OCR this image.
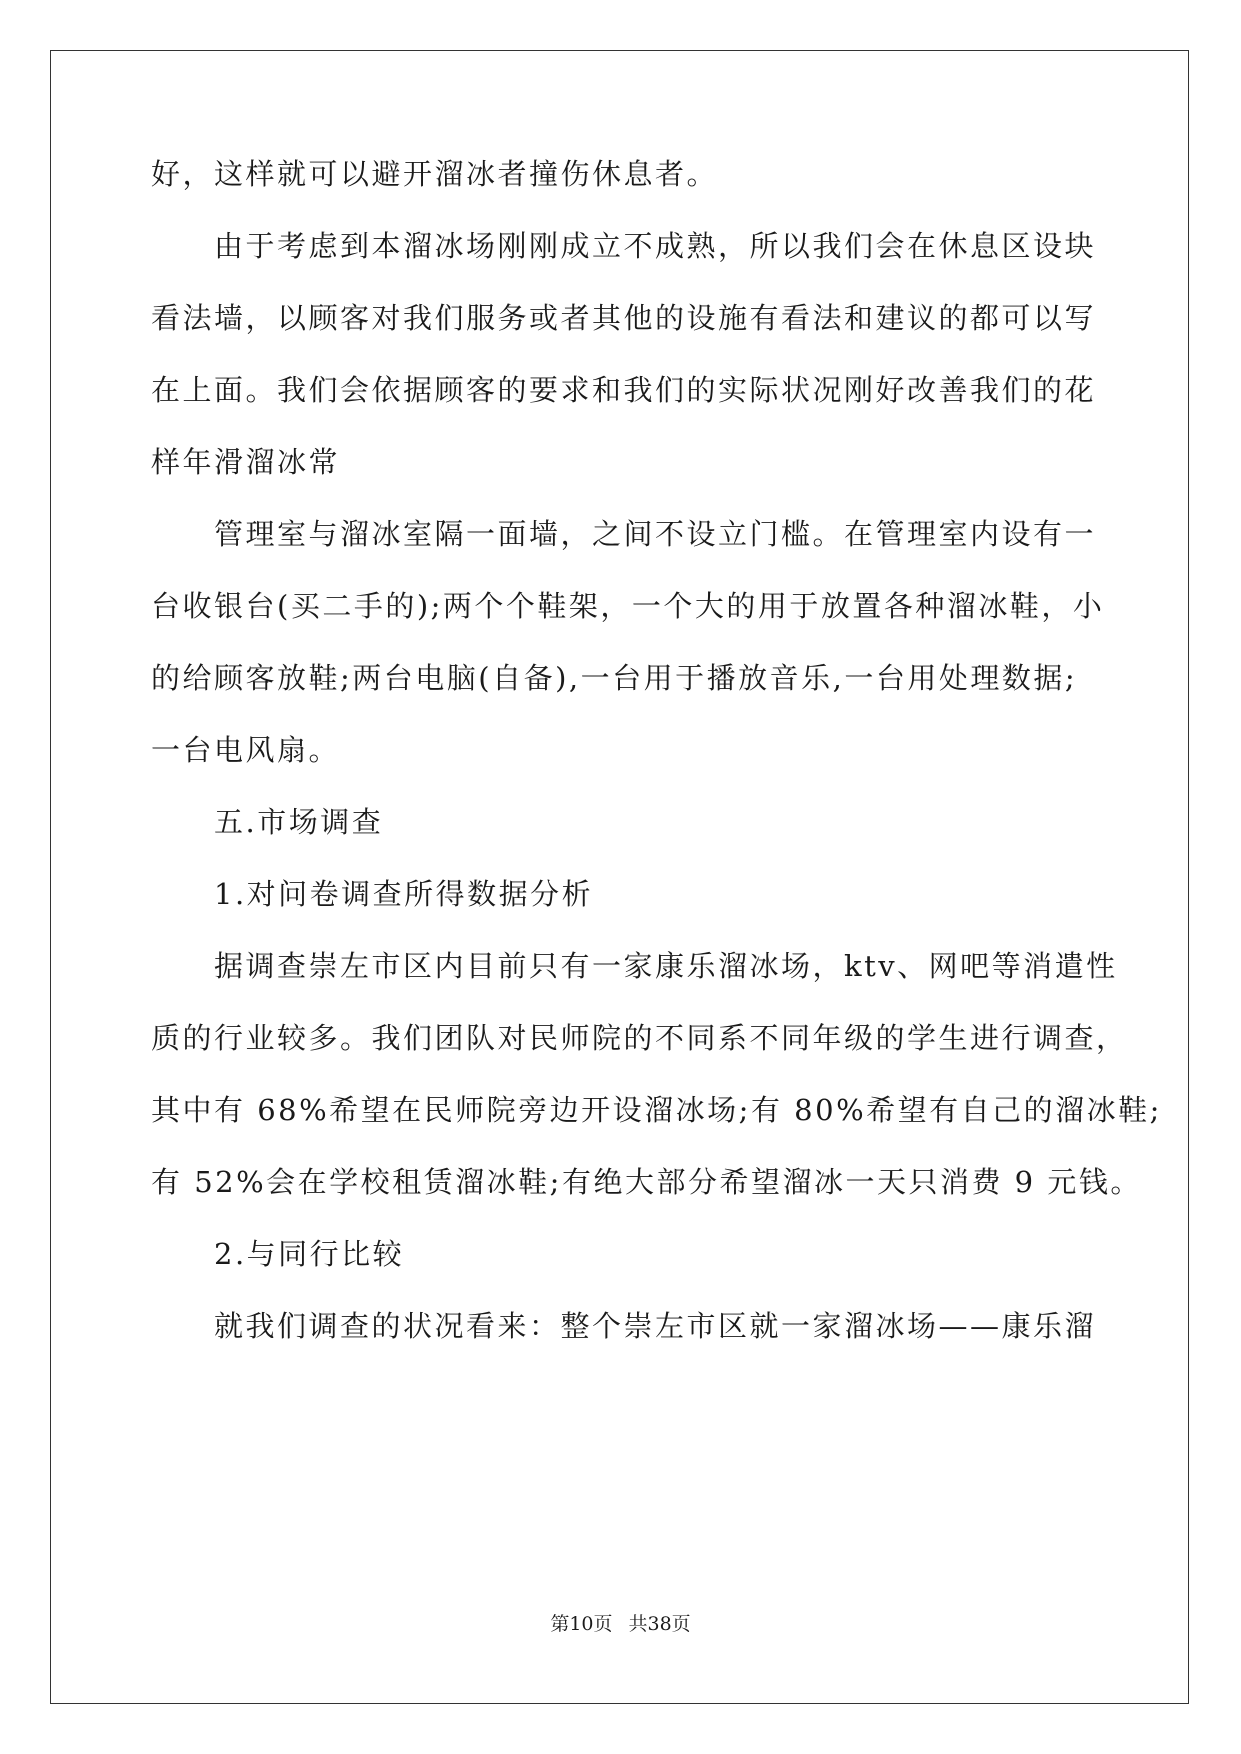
好，这样就可以避开溜冰者撞伤休息者。
由于考虑到本溜冰场刚刚成立不成熟，所以我们会在休息区设块
看法墙，以顾客对我们服务或者其他的设施有看法和建议的都可以写
在上面。我们会依据顾客的要求和我们的实际状况刚好改善我们的花
样年滑溜冰常
管理室与溜冰室隔一面墙，之间不设立门槛。在管理室内设有一
台收银台(买二手的);两个个鞋架，一个大的用于放置各种溜冰鞋，小
的给顾客放鞋;两台电脑(自备),一台用于播放音乐,一台用处理数据;
一台电风扇。
五.市场调查
1.对问卷调查所得数据分析
据调查崇左市区内目前只有一家康乐溜冰场，ktv、网吧等消遣性
质的行业较多。我们团队对民师院的不同系不同年级的学生进行调查，
其中有 68%希望在民师院旁边开设溜冰场;有 80%希望有自己的溜冰鞋;
有 52%会在学校租赁溜冰鞋;有绝大部分希望溜冰一天只消费 9 元钱。
2.与同行比较
就我们调查的状况看来：整个崇左市区就一家溜冰场——康乐溜
第10页 共38页
